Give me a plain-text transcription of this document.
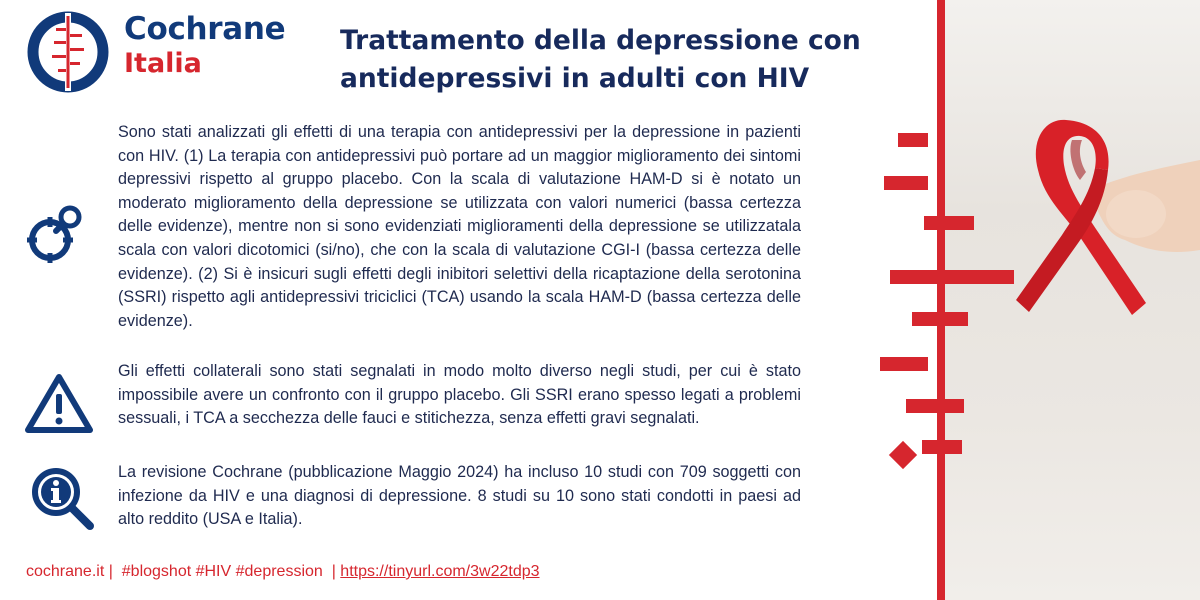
Cochrane
Italia
Trattamento della depressione con antidepressivi in adulti con HIV

Sono stati analizzati gli effetti di una terapia con antidepressivi per la depressione in pazienti con HIV. (1) La terapia con antidepressivi può portare ad un maggior miglioramento dei sintomi depressivi rispetto al gruppo placebo. Con la scala di valutazione HAM-D si è notato un moderato miglioramento della depressione se utilizzata con valori numerici (bassa certezza delle evidenze), mentre non si sono evidenziati miglioramenti della depressione se utilizzatala scala con valori dicotomici (si/no), che con la scala di valutazione CGI-I (bassa certezza delle evidenze). (2) Si è insicuri sugli effetti degli inibitori selettivi della ricaptazione della serotonina (SSRI) rispetto agli antidepressivi triciclici (TCA) usando la scala HAM-D (bassa certezza delle evidenze).

Gli effetti collaterali sono stati segnalati in modo molto diverso negli studi, per cui è stato impossibile avere un confronto con il gruppo placebo. Gli SSRI erano spesso legati a problemi sessuali, i TCA a secchezza delle fauci e stitichezza, senza effetti gravi segnalati.

La revisione Cochrane (pubblicazione Maggio 2024) ha incluso 10 studi con 709 soggetti con infezione da HIV e una diagnosi di depressione. 8 studi su 10 sono stati condotti in paesi ad alto reddito (USA e Italia).

cochrane.it |  #blogshot #HIV #depression  | https://tinyurl.com/3w22tdp3
